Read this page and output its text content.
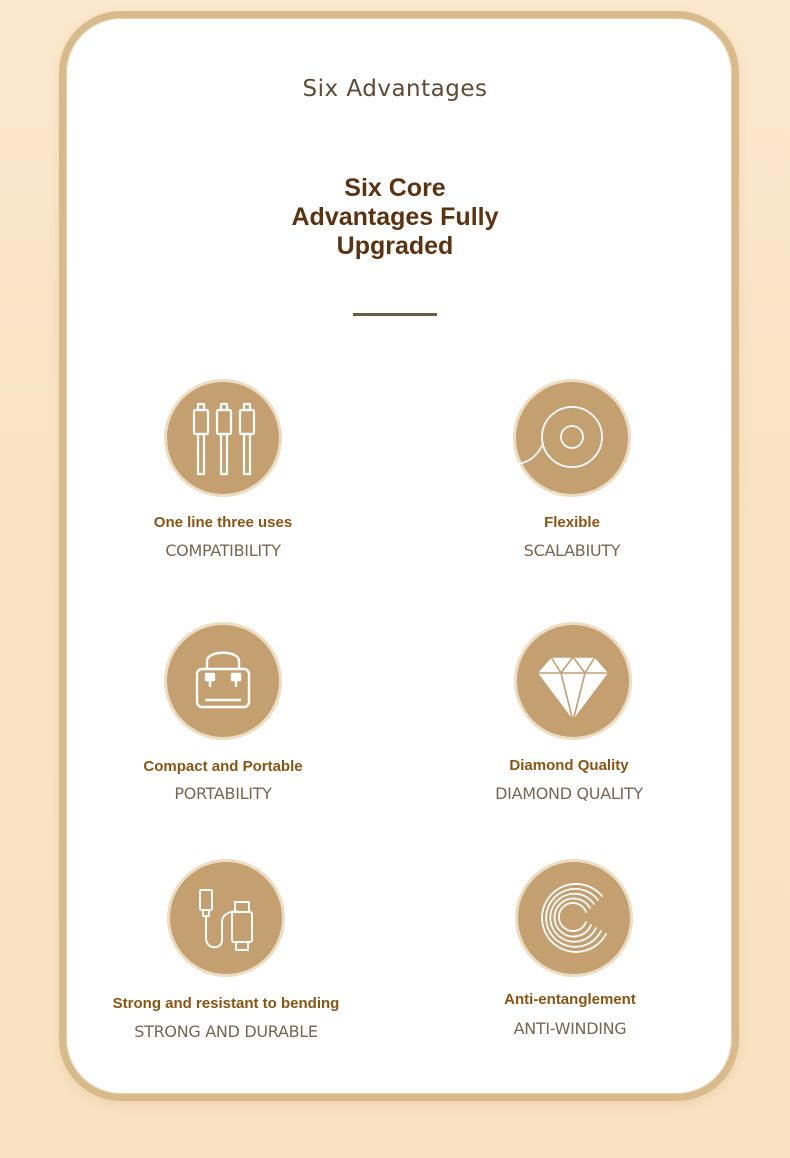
Six Advantages
Six Core
Advantages Fully
Upgraded
One line three uses
COMPATIBILITY
Flexible
SCALABIUTY
Compact and Portable
PORTABILITY
Diamond Quality
DIAMOND QUALITY
Strong and resistant to bending
STRONG AND DURABLE
Anti-entanglement
ANTI-WINDING
